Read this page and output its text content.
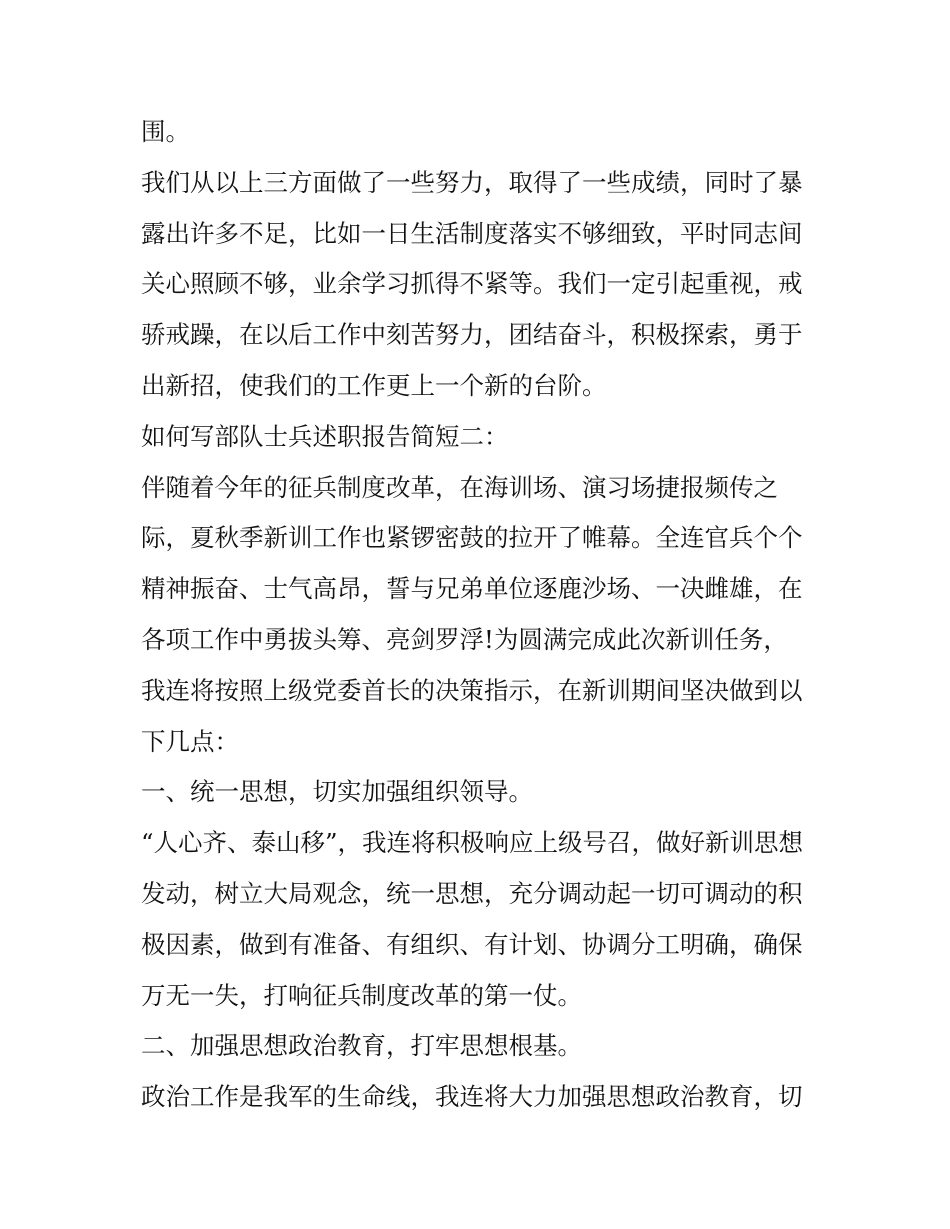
围。
我们从以上三方面做了一些努力，取得了一些成绩，同时了暴
露出许多不足，比如一日生活制度落实不够细致，平时同志间
关心照顾不够，业余学习抓得不紧等。我们一定引起重视，戒
骄戒躁，在以后工作中刻苦努力，团结奋斗，积极探索，勇于
出新招，使我们的工作更上一个新的台阶。
如何写部队士兵述职报告简短二：
伴随着今年的征兵制度改革，在海训场、演习场捷报频传之
际，夏秋季新训工作也紧锣密鼓的拉开了帷幕。全连官兵个个
精神振奋、士气高昂，誓与兄弟单位逐鹿沙场、一决雌雄，在
各项工作中勇拔头筹、亮剑罗浮!为圆满完成此次新训任务，
我连将按照上级党委首长的决策指示，在新训期间坚决做到以
下几点：
一、统一思想，切实加强组织领导。
“人心齐、泰山移”，我连将积极响应上级号召，做好新训思想
发动，树立大局观念，统一思想，充分调动起一切可调动的积
极因素，做到有准备、有组织、有计划、协调分工明确，确保
万无一失，打响征兵制度改革的第一仗。
二、加强思想政治教育，打牢思想根基。
政治工作是我军的生命线，我连将大力加强思想政治教育，切
